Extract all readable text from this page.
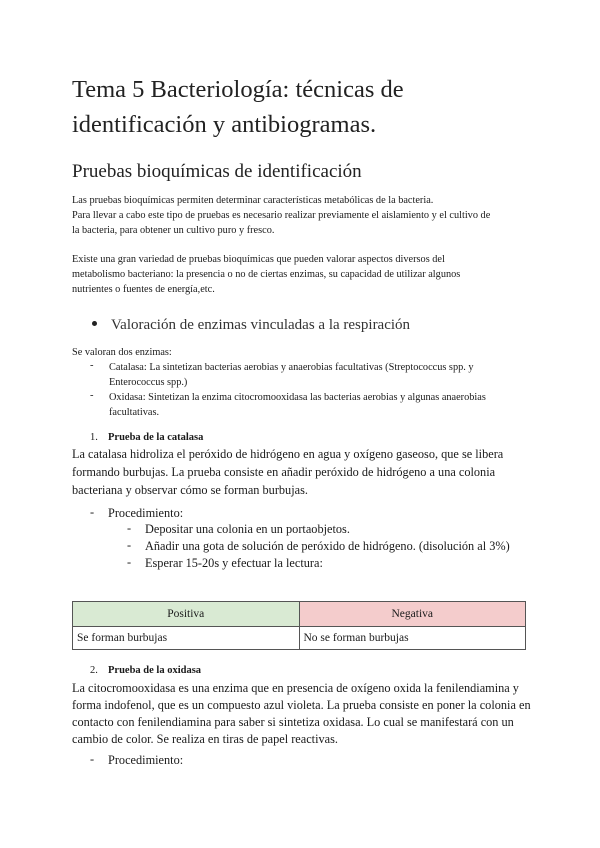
Tema 5 Bacteriología: técnicas de
identificación y antibiogramas.
Pruebas bioquímicas de identificación
Las pruebas bioquímicas permiten determinar características metabólicas de la bacteria.
Para llevar a cabo este tipo de pruebas es necesario realizar previamente el aislamiento y el cultivo de
la bacteria, para obtener un cultivo puro y fresco.
Existe una gran variedad de pruebas bioquímicas que pueden valorar aspectos diversos del
metabolismo bacteriano: la presencia o no de ciertas enzimas, su capacidad de utilizar algunos
nutrientes o fuentes de energía,etc.
Valoración de enzimas vinculadas a la respiración
Se valoran dos enzimas:
- Catalasa: La sintetizan bacterias aerobias y anaerobias facultativas (Streptococcus spp. y
Enterococcus spp.)
- Oxidasa: Sintetizan la enzima citocromooxidasa las bacterias aerobias y algunas anaerobias
facultativas.
1. Prueba de la catalasa
La catalasa hidroliza el peróxido de hidrógeno en agua y oxígeno gaseoso, que se libera
formando burbujas. La prueba consiste en añadir peróxido de hidrógeno a una colonia
bacteriana y observar cómo se forman burbujas.
- Procedimiento:
- Depositar una colonia en un portaobjetos.
- Añadir una gota de solución de peróxido de hidrógeno. (disolución al 3%)
- Esperar 15-20s y efectuar la lectura:
Positiva	Negativa
Se forman burbujas	No se forman burbujas
2. Prueba de la oxidasa
La citocromooxidasa es una enzima que en presencia de oxígeno oxida la fenilendiamina y
forma indofenol, que es un compuesto azul violeta. La prueba consiste en poner la colonia en
contacto con fenilendiamina para saber si sintetiza oxidasa. Lo cual se manifestará con un
cambio de color. Se realiza en tiras de papel reactivas.
- Procedimiento:
